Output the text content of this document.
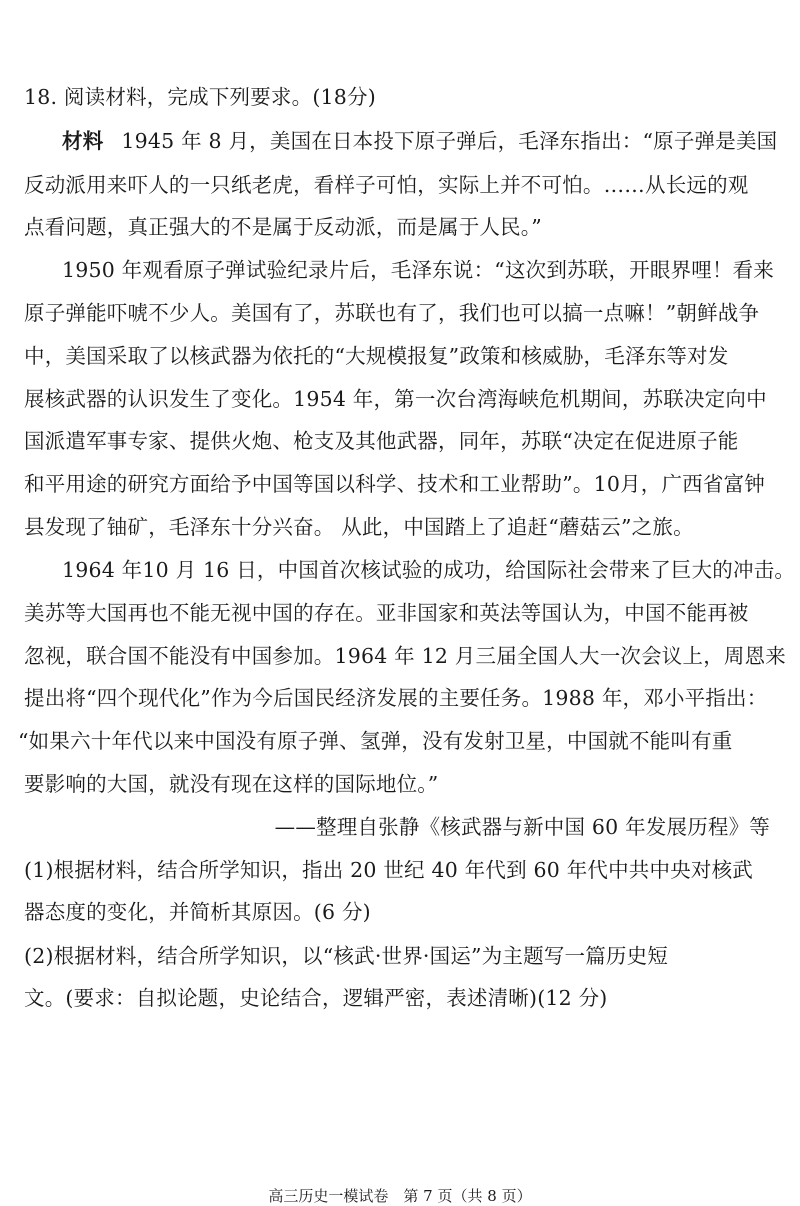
18. 阅读材料，完成下列要求。(18分)
材料 1945 年 8 月，美国在日本投下原子弹后，毛泽东指出：“原子弹是美国
反动派用来吓人的一只纸老虎，看样子可怕，实际上并不可怕。……从长远的观
点看问题，真正强大的不是属于反动派，而是属于人民。”
1950 年观看原子弹试验纪录片后，毛泽东说：“这次到苏联，开眼界哩！看来
原子弹能吓唬不少人。美国有了，苏联也有了，我们也可以搞一点嘛！”朝鲜战争
中，美国采取了以核武器为依托的“大规模报复”政策和核威胁，毛泽东等对发
展核武器的认识发生了变化。1954 年，第一次台湾海峡危机期间，苏联决定向中
国派遣军事专家、提供火炮、枪支及其他武器，同年，苏联“决定在促进原子能
和平用途的研究方面给予中国等国以科学、技术和工业帮助”。10月，广西省富钟
县发现了铀矿，毛泽东十分兴奋。 从此，中国踏上了追赶“蘑菇云”之旅。
1964 年10 月 16 日，中国首次核试验的成功，给国际社会带来了巨大的冲击。
美苏等大国再也不能无视中国的存在。亚非国家和英法等国认为，中国不能再被
忽视，联合国不能没有中国参加。1964 年 12 月三届全国人大一次会议上，周恩来
提出将“四个现代化”作为今后国民经济发展的主要任务。1988 年，邓小平指出：
“如果六十年代以来中国没有原子弹、氢弹，没有发射卫星，中国就不能叫有重
要影响的大国，就没有现在这样的国际地位。”
——整理自张静《核武器与新中国 60 年发展历程》等
(1)根据材料，结合所学知识，指出 20 世纪 40 年代到 60 年代中共中央对核武
器态度的变化，并简析其原因。(6 分)
(2)根据材料，结合所学知识，以“核武·世界·国运”为主题写一篇历史短
文。(要求：自拟论题，史论结合，逻辑严密，表述清晰)(12 分)
高三历史一模试卷　第 7 页（共 8 页）
